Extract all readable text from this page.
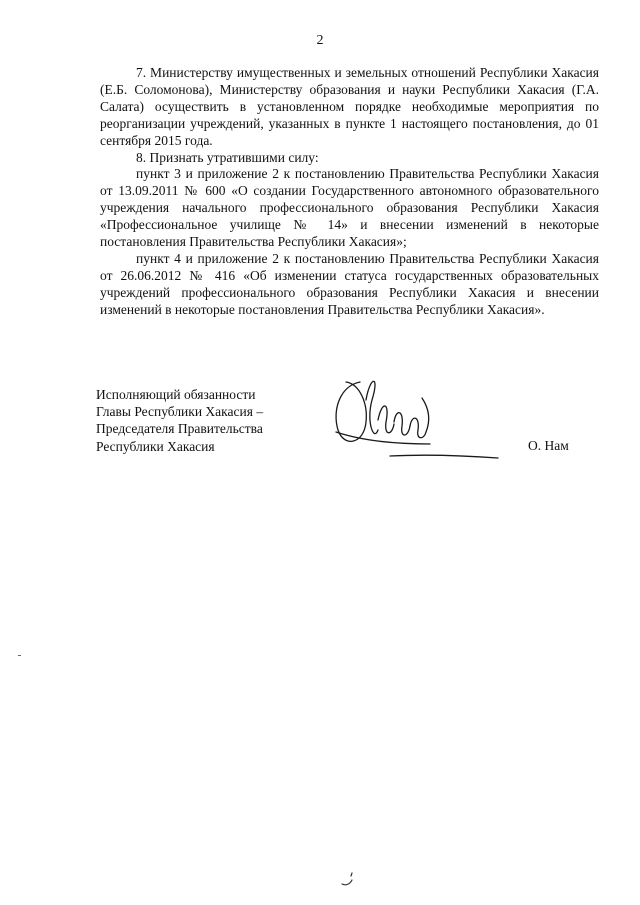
2

7. Министерству имущественных и земельных отношений Республики Хакасия (Е.Б. Соломонова), Министерству образования и науки Республики Хакасия (Г.А. Салата) осуществить в установленном порядке необходимые мероприятия по реорганизации учреждений, указанных в пункте 1 настоящего постановления, до 01 сентября 2015 года.

8. Признать утратившими силу:

пункт 3 и приложение 2 к постановлению Правительства Республики Хакасия от 13.09.2011 № 600 «О создании Государственного автономного образовательного учреждения начального профессионального образования Республики Хакасия «Профессиональное училище № 14» и внесении изменений в некоторые постановления Правительства Республики Хакасия»;

пункт 4 и приложение 2 к постановлению Правительства Республики Хакасия от 26.06.2012 № 416 «Об изменении статуса государственных образовательных учреждений профессионального образования Республики Хакасия и внесении изменений в некоторые постановления Правительства Республики Хакасия».

Исполняющий обязанности
Главы Республики Хакасия –
Председателя Правительства
Республики Хакасия	О. Нам
